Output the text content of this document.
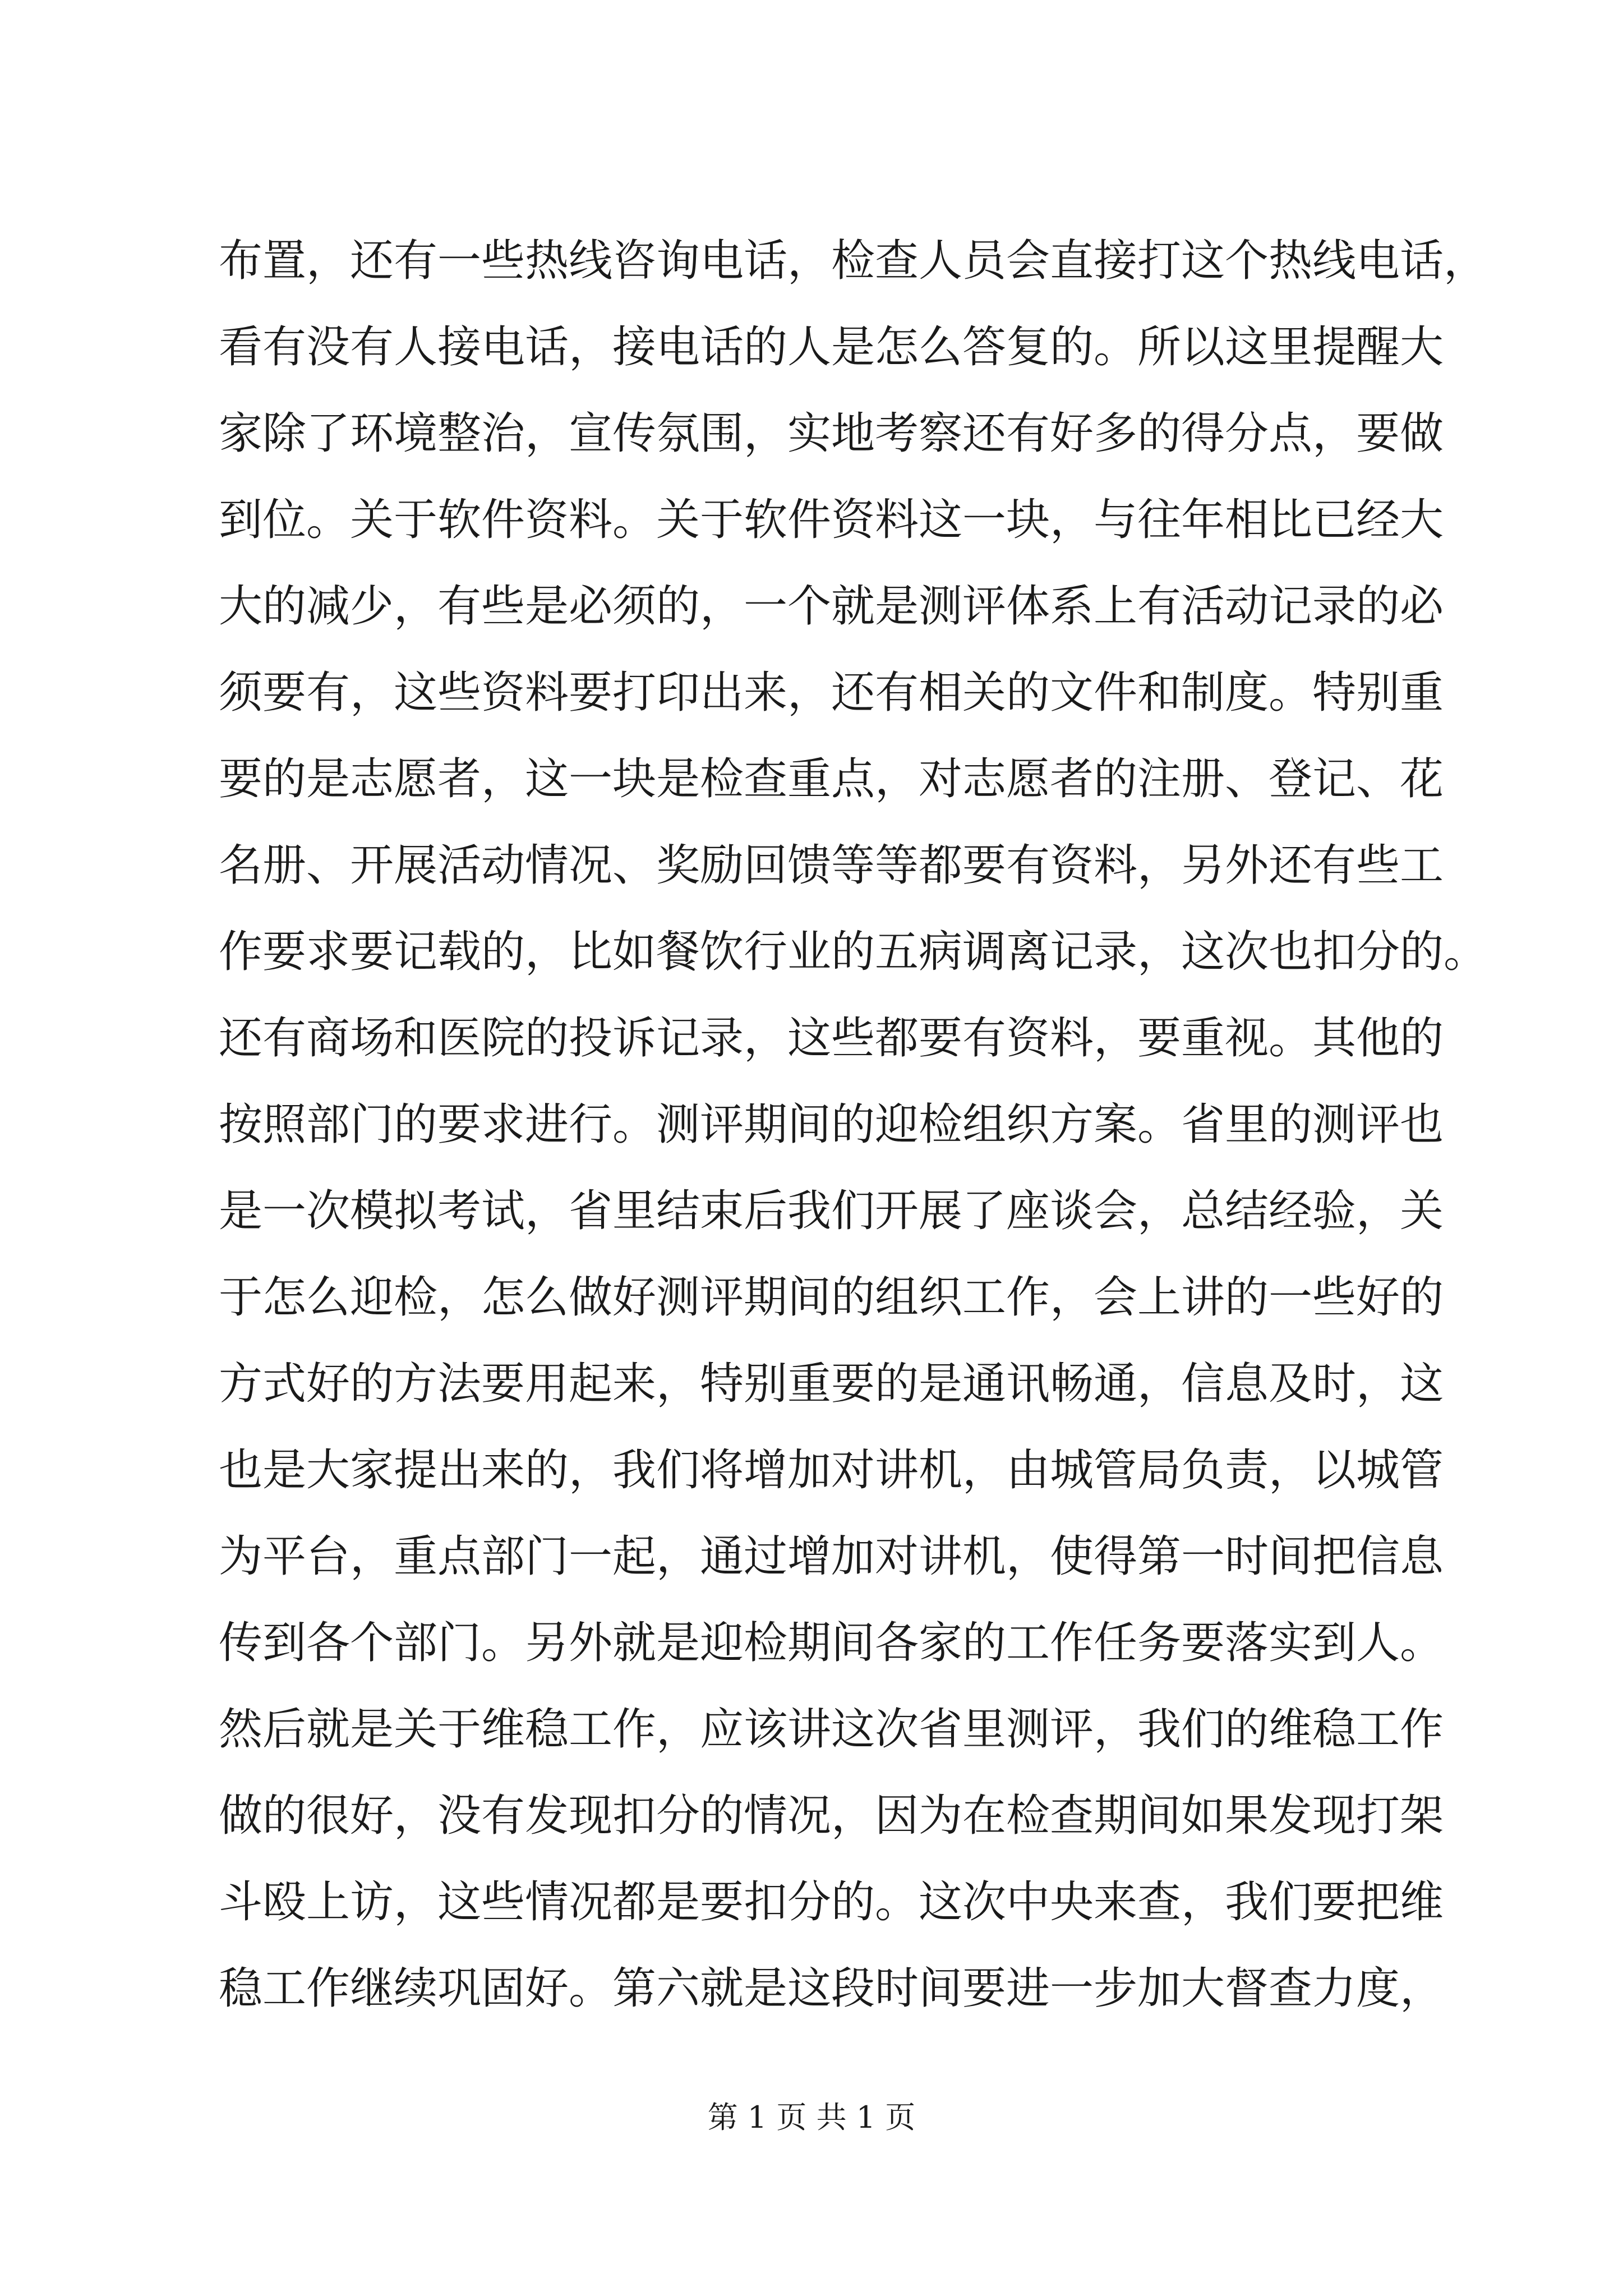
布置，还有一些热线咨询电话，检查人员会直接打这个热线电话，
看有没有人接电话，接电话的人是怎么答复的。所以这里提醒大
家除了环境整治，宣传氛围，实地考察还有好多的得分点，要做
到位。关于软件资料。关于软件资料这一块，与往年相比已经大
大的减少，有些是必须的，一个就是测评体系上有活动记录的必
须要有，这些资料要打印出来，还有相关的文件和制度。特别重
要的是志愿者，这一块是检查重点，对志愿者的注册、登记、花
名册、开展活动情况、奖励回馈等等都要有资料，另外还有些工
作要求要记载的，比如餐饮行业的五病调离记录，这次也扣分的。
还有商场和医院的投诉记录，这些都要有资料，要重视。其他的
按照部门的要求进行。测评期间的迎检组织方案。省里的测评也
是一次模拟考试，省里结束后我们开展了座谈会，总结经验，关
于怎么迎检，怎么做好测评期间的组织工作，会上讲的一些好的
方式好的方法要用起来，特别重要的是通讯畅通，信息及时，这
也是大家提出来的，我们将增加对讲机，由城管局负责，以城管
为平台，重点部门一起，通过增加对讲机，使得第一时间把信息
传到各个部门。另外就是迎检期间各家的工作任务要落实到人。
然后就是关于维稳工作，应该讲这次省里测评，我们的维稳工作
做的很好，没有发现扣分的情况，因为在检查期间如果发现打架
斗殴上访，这些情况都是要扣分的。这次中央来查，我们要把维
稳工作继续巩固好。第六就是这段时间要进一步加大督查力度，
第 1 页 共 1 页
